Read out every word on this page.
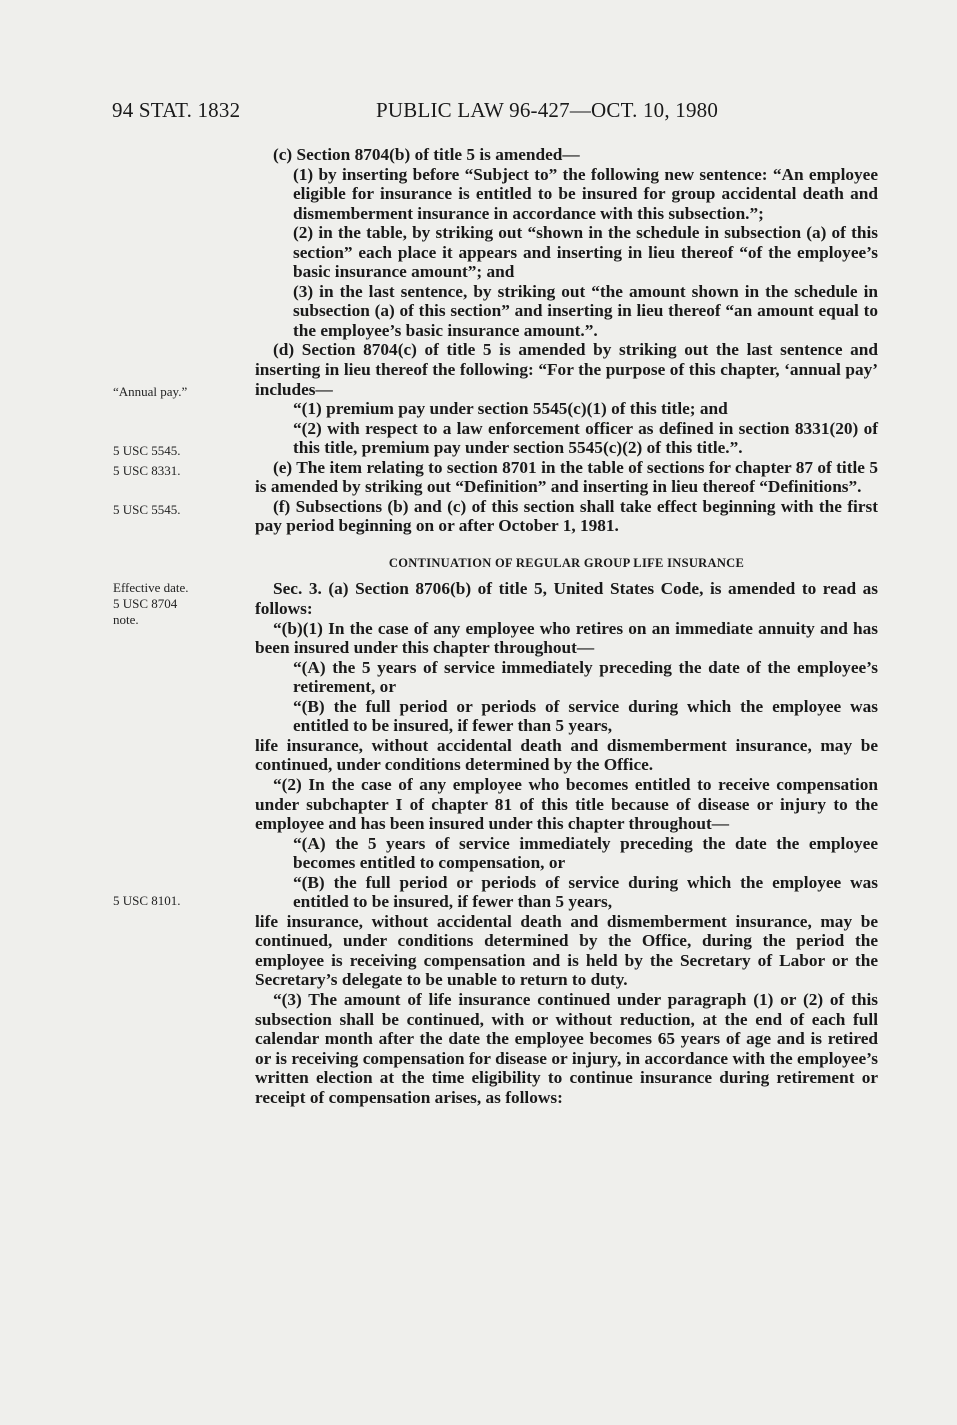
94 STAT. 1832	PUBLIC LAW 96-427—OCT. 10, 1980
“Annual pay.”
5 USC 5545.
5 USC 8331.
5 USC 5545.
Effective date.
5 USC 8704
note.
5 USC 8101.

(c) Section 8704(b) of title 5 is amended—

(1) by inserting before “Subject to” the following new sentence: “An employee eligible for insurance is entitled to be insured for group accidental death and dismemberment insurance in accordance with this subsection.”;

(2) in the table, by striking out “shown in the schedule in subsection (a) of this section” each place it appears and inserting in lieu thereof “of the employee’s basic insurance amount”; and

(3) in the last sentence, by striking out “the amount shown in the schedule in subsection (a) of this section” and inserting in lieu thereof “an amount equal to the employee’s basic insurance amount.”.

(d) Section 8704(c) of title 5 is amended by striking out the last sentence and inserting in lieu thereof the following: “For the purpose of this chapter, ‘annual pay’ includes—

“(1) premium pay under section 5545(c)(1) of this title; and

“(2) with respect to a law enforcement officer as defined in section 8331(20) of this title, premium pay under section 5545(c)(2) of this title.”.

(e) The item relating to section 8701 in the table of sections for chapter 87 of title 5 is amended by striking out “Definition” and inserting in lieu thereof “Definitions”.

(f) Subsections (b) and (c) of this section shall take effect beginning with the first pay period beginning on or after October 1, 1981.

CONTINUATION OF REGULAR GROUP LIFE INSURANCE

Sec. 3. (a) Section 8706(b) of title 5, United States Code, is amended to read as follows:

“(b)(1) In the case of any employee who retires on an immediate annuity and has been insured under this chapter throughout—

“(A) the 5 years of service immediately preceding the date of the employee’s retirement, or

“(B) the full period or periods of service during which the employee was entitled to be insured, if fewer than 5 years,

life insurance, without accidental death and dismemberment insurance, may be continued, under conditions determined by the Office.

“(2) In the case of any employee who becomes entitled to receive compensation under subchapter I of chapter 81 of this title because of disease or injury to the employee and has been insured under this chapter throughout—

“(A) the 5 years of service immediately preceding the date the employee becomes entitled to compensation, or

“(B) the full period or periods of service during which the employee was entitled to be insured, if fewer than 5 years,

life insurance, without accidental death and dismemberment insurance, may be continued, under conditions determined by the Office, during the period the employee is receiving compensation and is held by the Secretary of Labor or the Secretary’s delegate to be unable to return to duty.

“(3) The amount of life insurance continued under paragraph (1) or (2) of this subsection shall be continued, with or without reduction, at the end of each full calendar month after the date the employee becomes 65 years of age and is retired or is receiving compensation for disease or injury, in accordance with the employee’s written election at the time eligibility to continue insurance during retirement or receipt of compensation arises, as follows:
